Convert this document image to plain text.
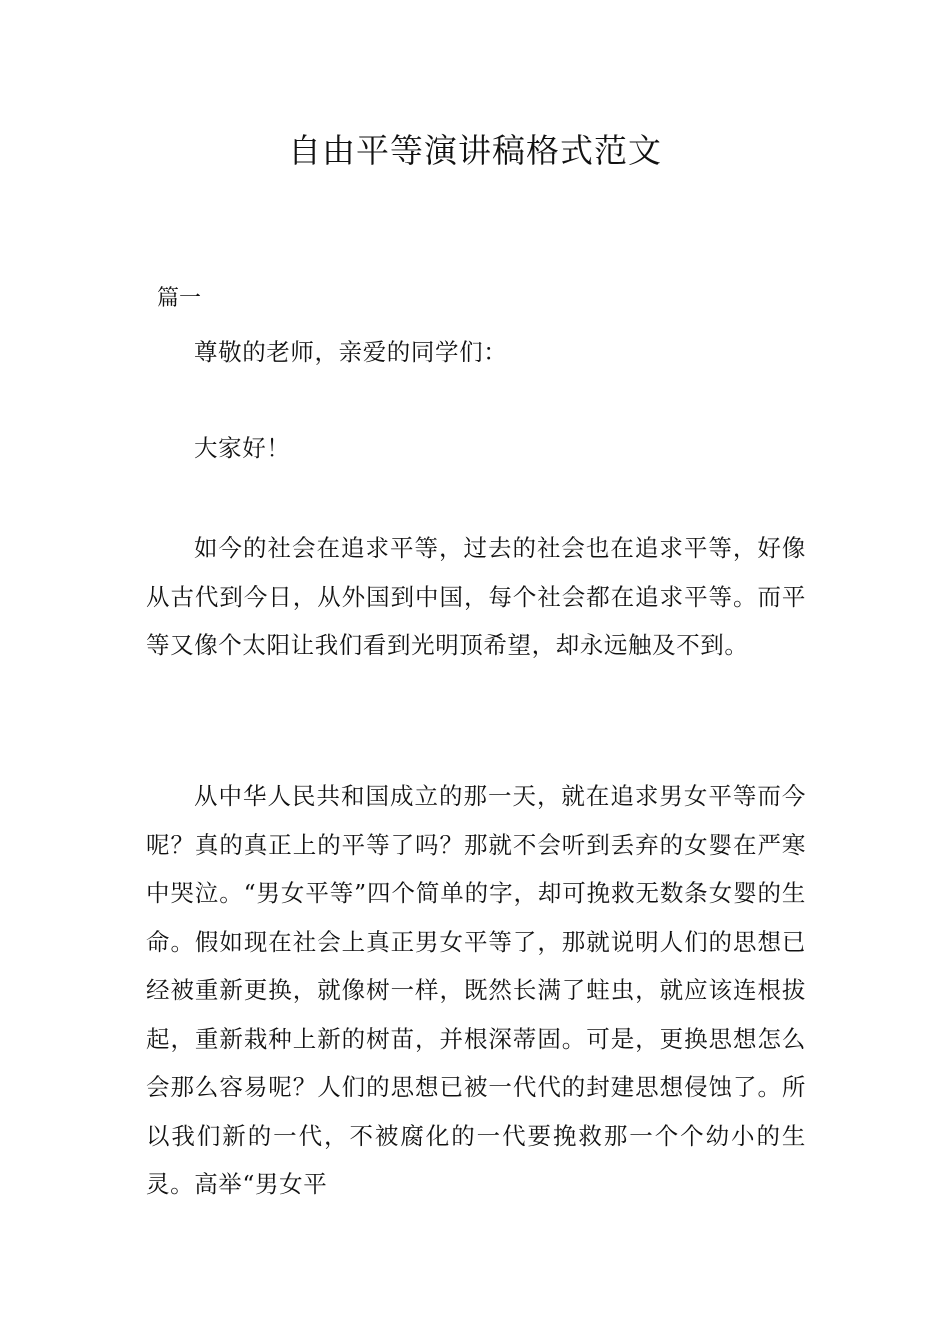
自由平等演讲稿格式范文

篇一

尊敬的老师，亲爱的同学们：

大家好！

如今的社会在追求平等，过去的社会也在追求平等，好像从古代到今日，从外国到中国，每个社会都在追求平等。而平等又像个太阳让我们看到光明顶希望，却永远触及不到。

从中华人民共和国成立的那一天，就在追求男女平等而今呢？真的真正上的平等了吗？那就不会听到丢弃的女婴在严寒中哭泣。“男女平等”四个简单的字，却可挽救无数条女婴的生命。假如现在社会上真正男女平等了，那就说明人们的思想已经被重新更换，就像树一样，既然长满了蛀虫，就应该连根拔起，重新栽种上新的树苗，并根深蒂固。可是，更换思想怎么会那么容易呢？人们的思想已被一代代的封建思想侵蚀了。所以我们新的一代，不被腐化的一代要挽救那一个个幼小的生灵。高举“男女平
